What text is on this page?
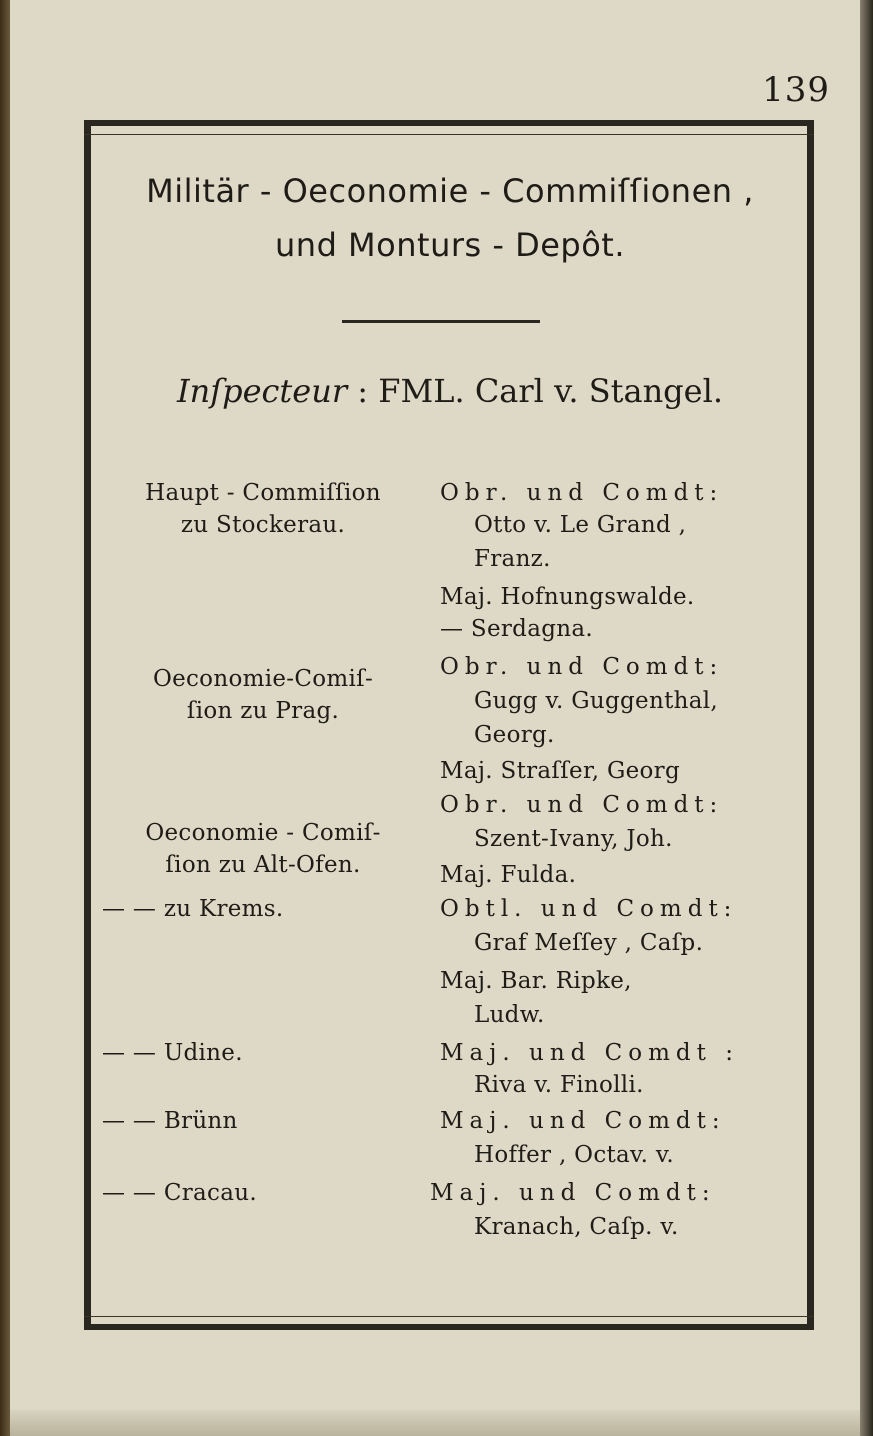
139
Militär - Oeconomie - Commiſſionen ,
und Monturs - Depôt.
Inſpecteur : FML. Carl v. Stangel.
Haupt - Commiſſion
zu Stockerau.
Oeconomie-Comiſ-
ſion zu Prag.
Oeconomie - Comiſ-
ſion zu Alt-Ofen.
— — zu Krems.
— — Udine.
— — Brünn
— — Cracau.
Obr. und Comdt:
Otto v. Le Grand ,
Franz.
Maj. Hofnungswalde.
— Serdagna.
Obr. und Comdt:
Gugg v. Guggenthal,
Georg.
Maj. Straſſer, Georg
Obr. und Comdt:
Szent-Ivany, Joh.
Maj. Fulda.
Obtl. und Comdt:
Graf Meſſey , Caſp.
Maj. Bar. Ripke,
Ludw.
Maj. und Comdt :
Riva v. Finolli.
Maj. und Comdt:
Hoffer , Octav. v.
Maj. und Comdt:
Kranach, Caſp. v.
